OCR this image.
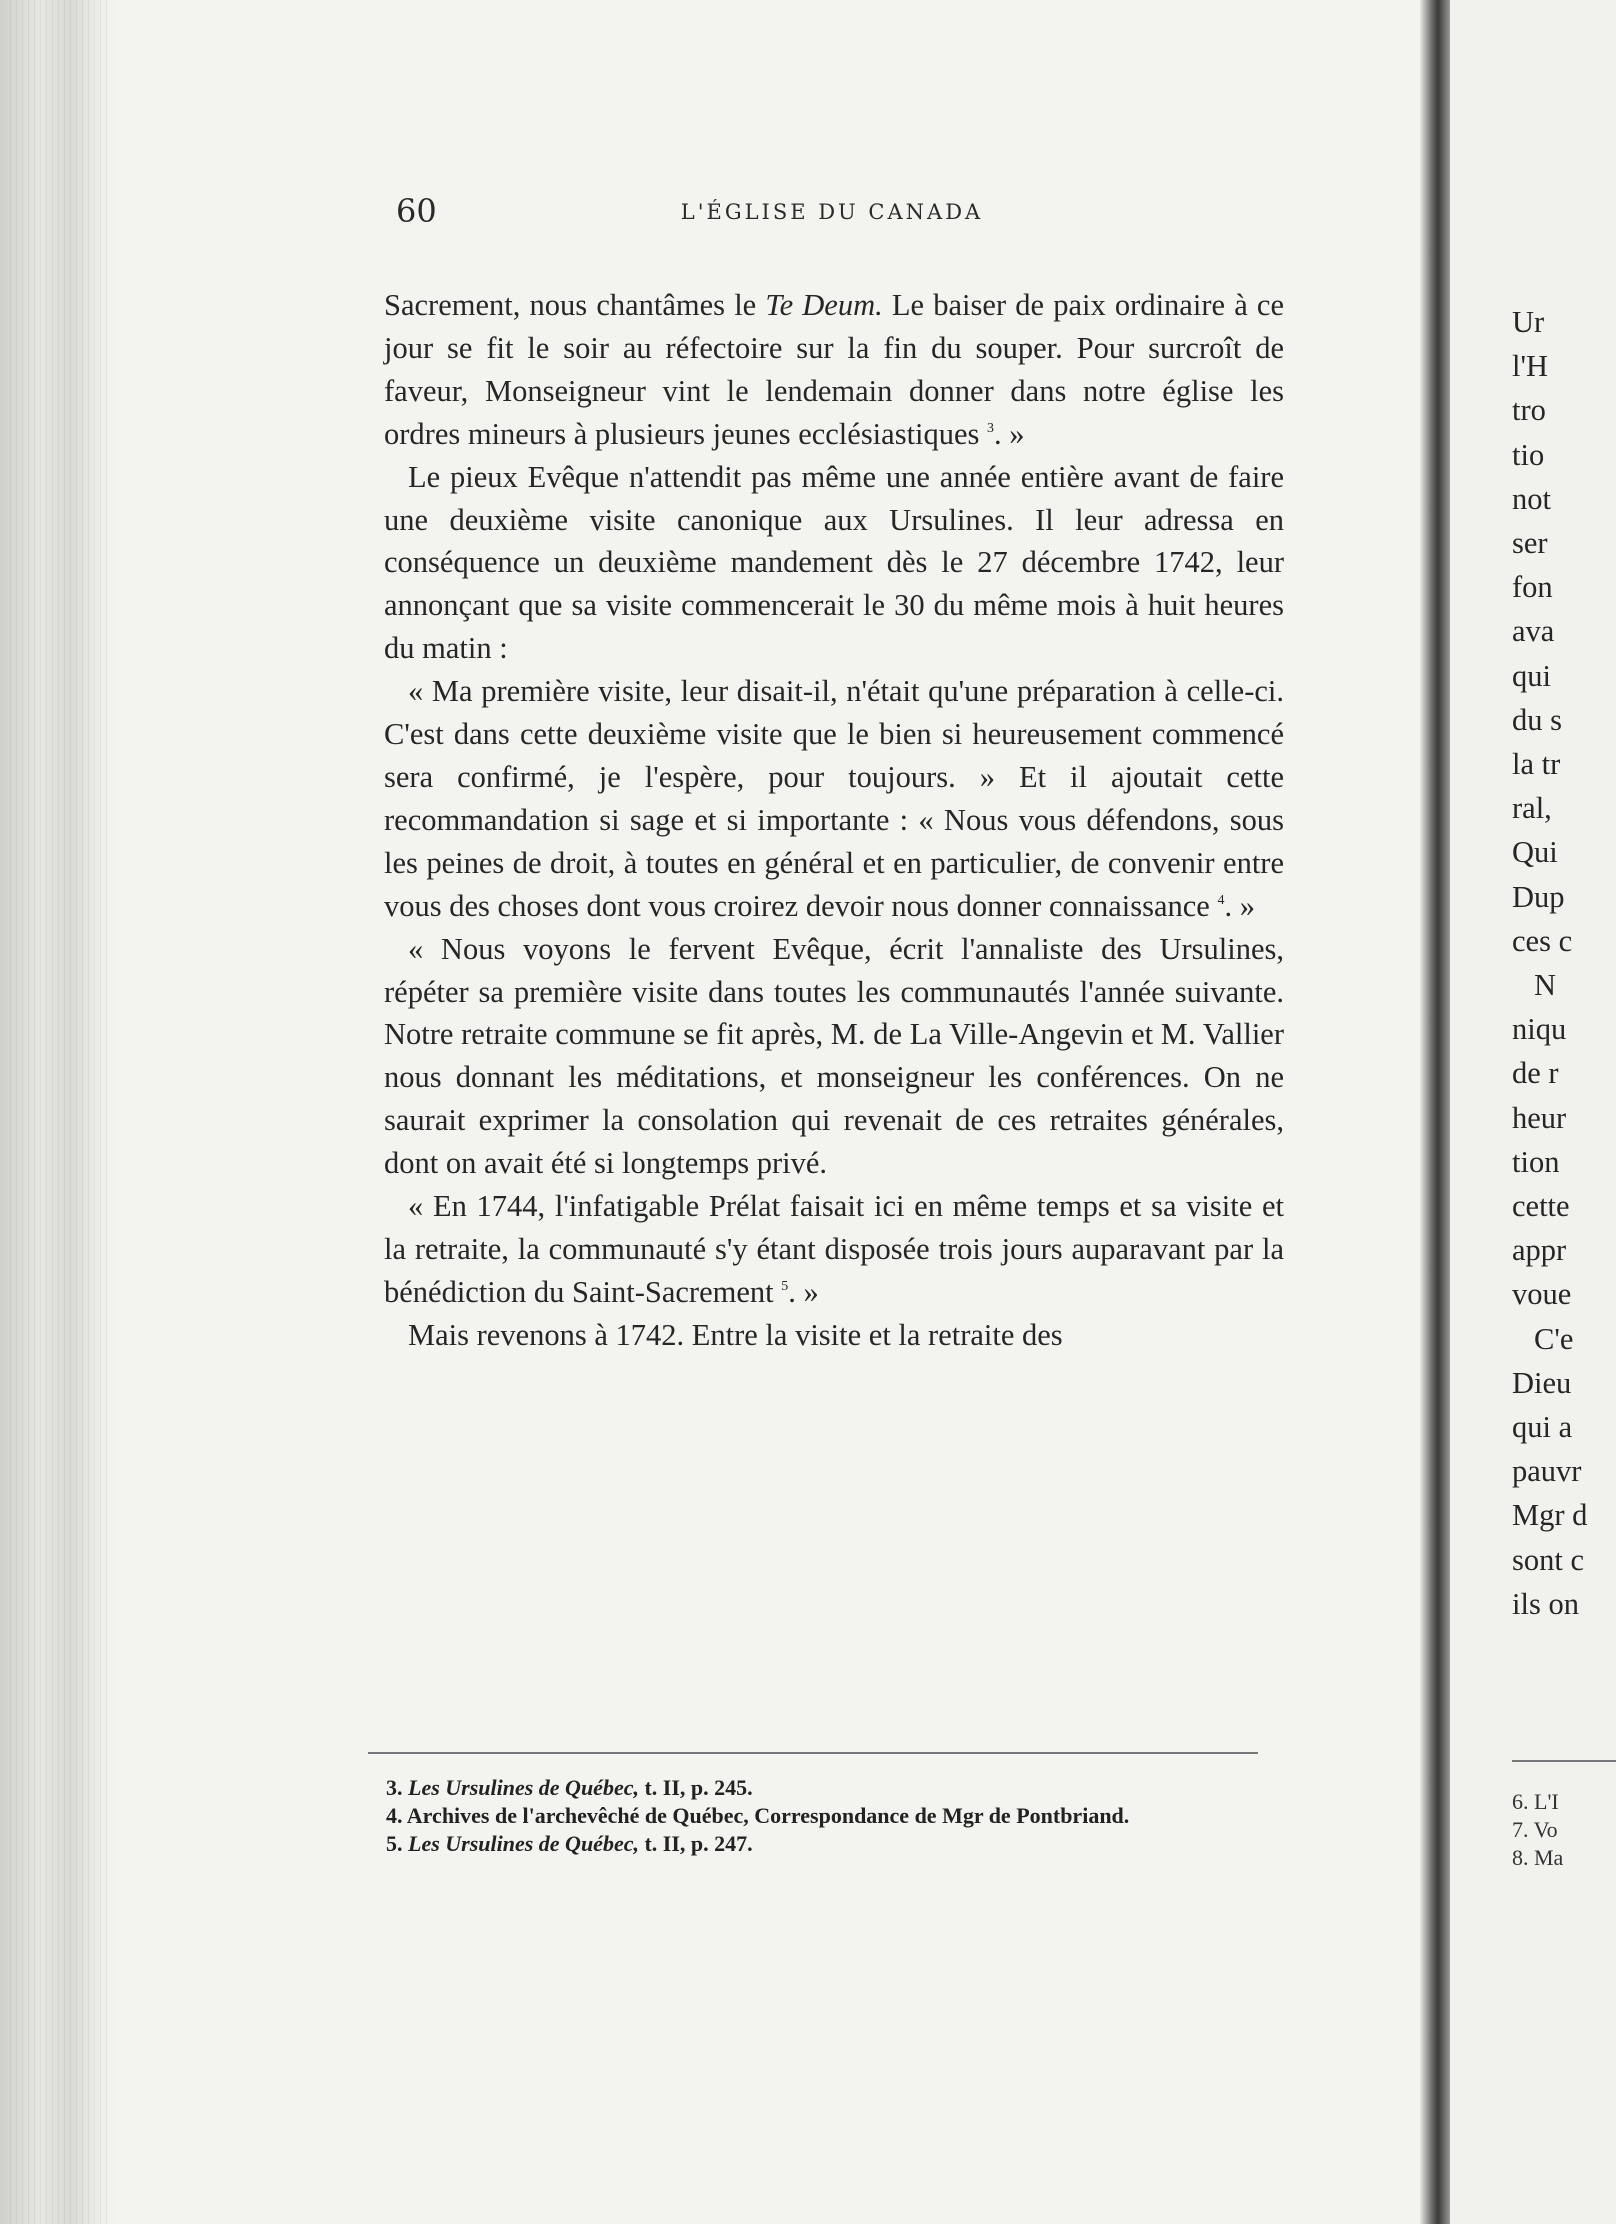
60	L'ÉGLISE DU CANADA

Sacrement, nous chantâmes le Te Deum. Le baiser de paix ordinaire à ce jour se fit le soir au réfectoire sur la fin du souper. Pour surcroît de faveur, Monseigneur vint le lendemain donner dans notre église les ordres mineurs à plusieurs jeunes ecclésiastiques $^3$. »

Le pieux Evêque n'attendit pas même une année entière avant de faire une deuxième visite canonique aux Ursulines. Il leur adressa en conséquence un deuxième mandement dès le 27 décembre 1742, leur annonçant que sa visite commencerait le 30 du même mois à huit heures du matin :

« Ma première visite, leur disait-il, n'était qu'une préparation à celle-ci. C'est dans cette deuxième visite que le bien si heureusement commencé sera confirmé, je l'espère, pour toujours. » Et il ajoutait cette recommandation si sage et si importante : « Nous vous défendons, sous les peines de droit, à toutes en général et en particulier, de convenir entre vous des choses dont vous croirez devoir nous donner connaissance $^4$. »

« Nous voyons le fervent Evêque, écrit l'annaliste des Ursulines, répéter sa première visite dans toutes les communautés l'année suivante. Notre retraite commune se fit après, M. de La Ville-Angevin et M. Vallier nous donnant les méditations, et monseigneur les conférences. On ne saurait exprimer la consolation qui revenait de ces retraites générales, dont on avait été si longtemps privé.

« En 1744, l'infatigable Prélat faisait ici en même temps et sa visite et la retraite, la communauté s'y étant disposée trois jours auparavant par la bénédiction du Saint-Sacrement $^5$. »

Mais revenons à 1742. Entre la visite et la retraite des

3. Les Ursulines de Québec, t. II, p. 245.

4. Archives de l'archevêché de Québec, Correspondance de Mgr de Pontbriand.

5. Les Ursulines de Québec, t. II, p. 247.

Ur
l'H
tro
tio
not
ser
fon
ava
qui
du s
la tr
ral,
Qui
Dup
ces c
N
niqu
de r
heur
tion
cette
appr
voue
C'e
Dieu
qui a
pauvr
Mgr d
sont c
ils on
6. L'I
7. Vo
8. Ma
